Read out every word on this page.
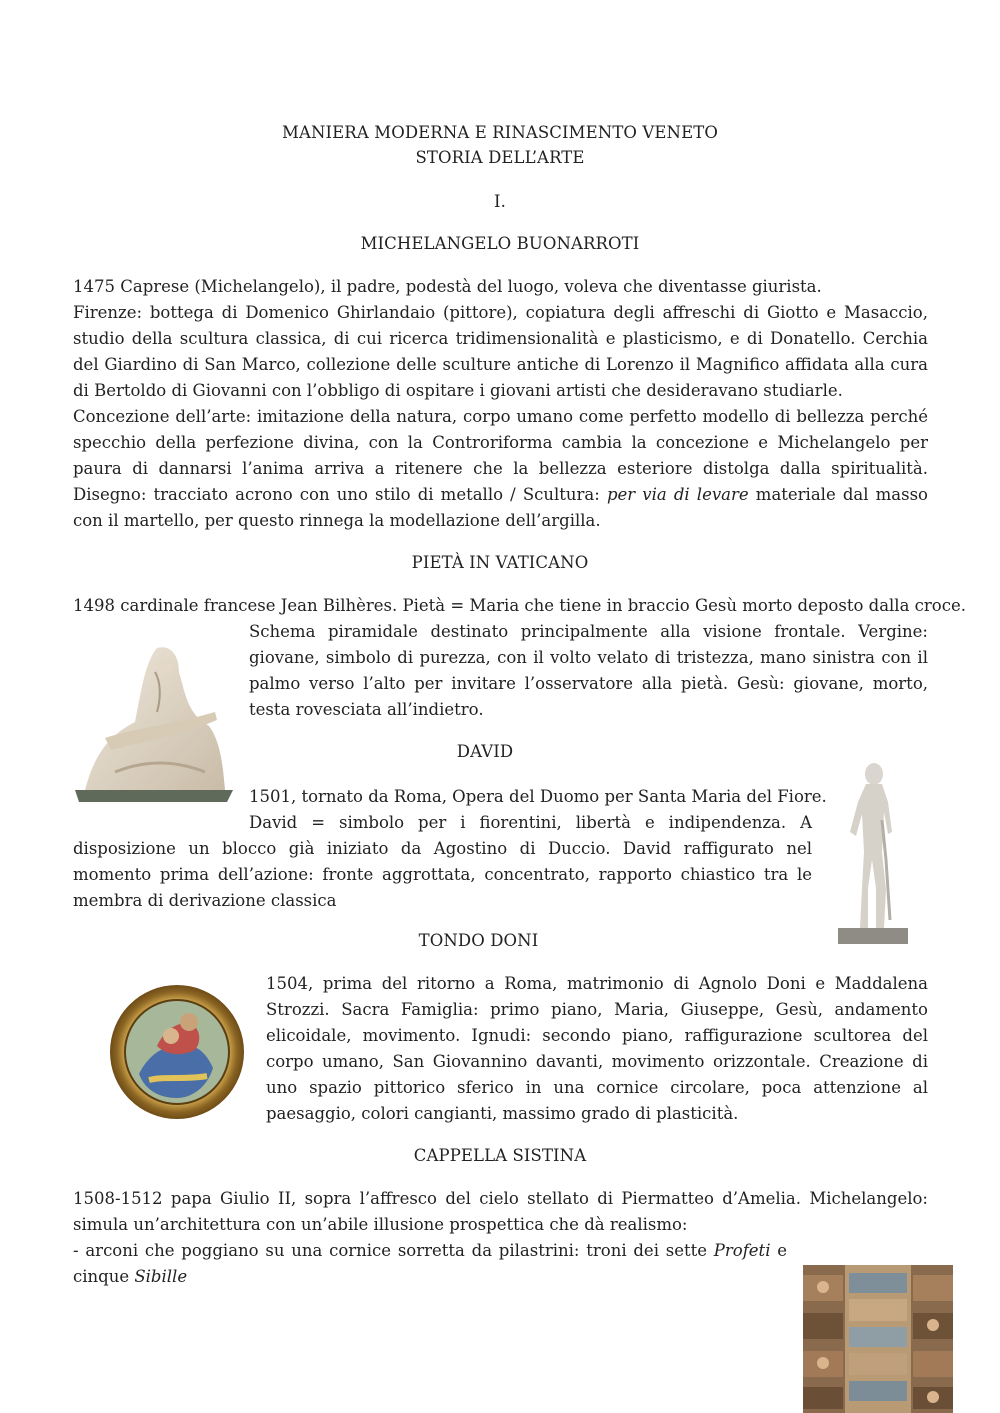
MANIERA MODERNA E RINASCIMENTO VENETO
STORIA DELL’ARTE
I.
MICHELANGELO BUONARROTI
1475 Caprese (Michelangelo), il padre, podestà del luogo, voleva che diventasse giurista.

Firenze: bottega di Domenico Ghirlandaio (pittore), copiatura degli affreschi di Giotto e Masaccio, studio della scultura classica, di cui ricerca tridimensionalità e plasticismo, e di Donatello. Cerchia del Giardino di San Marco, collezione delle sculture antiche di Lorenzo il Magnifico affidata alla cura di Bertoldo di Giovanni con l’obbligo di ospitare i giovani artisti che desideravano studiarle.

Concezione dell’arte: imitazione della natura, corpo umano come perfetto modello di bellezza perché specchio della perfezione divina, con la Controriforma cambia la concezione e Michelangelo per paura di dannarsi l’anima arriva a ritenere che la bellezza esteriore distolga dalla spiritualità. Disegno: tracciato acrono con uno stilo di metallo / Scultura: per via di levare materiale dal masso con il martello, per questo rinnega la modellazione dell’argilla.

PIETÀ IN VATICANO
1498 cardinale francese Jean Bilhères. Pietà = Maria che tiene in braccio Gesù morto deposto dalla croce.

Schema piramidale destinato principalmente alla visione frontale. Vergine: giovane, simbolo di purezza, con il volto velato di tristezza, mano sinistra con il palmo verso l’alto per invitare l’osservatore alla pietà. Gesù: giovane, morto, testa rovesciata all’indietro.

DAVID
1501, tornato da Roma, Opera del Duomo per Santa Maria del Fiore.
David = simbolo per i fiorentini, libertà e indipendenza. A

disposizione un blocco già iniziato da Agostino di Duccio. David raffigurato nel momento prima dell’azione: fronte aggrottata, concentrato, rapporto chiastico tra le membra di derivazione classica

TONDO DONI

1504, prima del ritorno a Roma, matrimonio di Agnolo Doni e Maddalena Strozzi. Sacra Famiglia: primo piano, Maria, Giuseppe, Gesù, andamento elicoidale, movimento. Ignudi: secondo piano, raffigurazione scultorea del corpo umano, San Giovannino davanti, movimento orizzontale. Creazione di uno spazio pittorico sferico in una cornice circolare, poca attenzione al paesaggio, colori cangianti, massimo grado di plasticità.

CAPPELLA SISTINA

1508-1512 papa Giulio II, sopra l’affresco del cielo stellato di Piermatteo d’Amelia. Michelangelo: simula un’architettura con un’abile illusione prospettica che dà realismo:

- arconi che poggiano su una cornice sorretta da pilastrini: troni dei sette Profeti e
cinque Sibille
